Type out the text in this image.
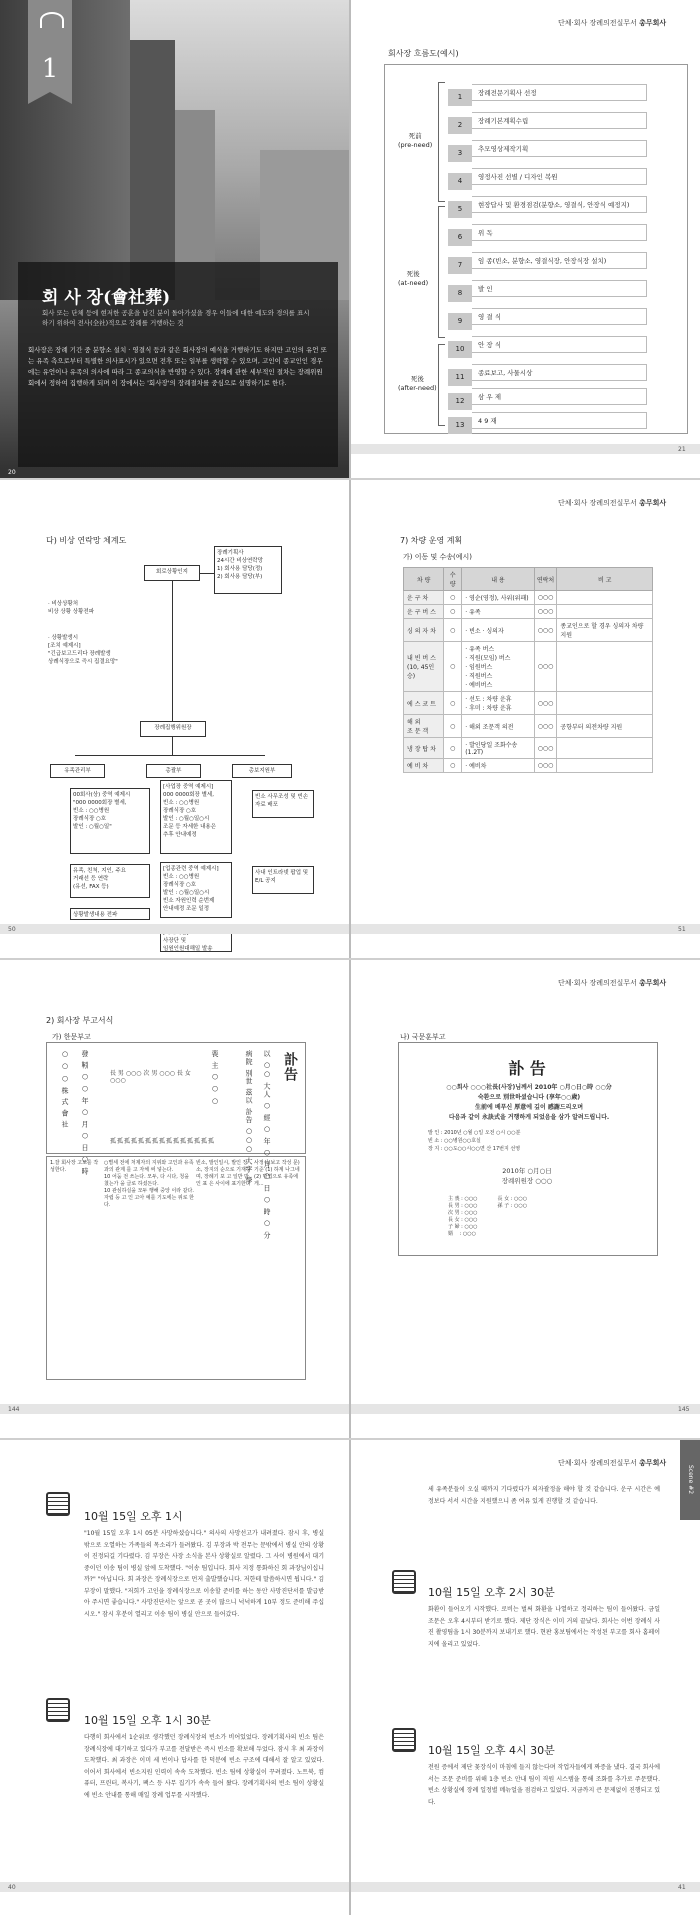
1
회 사 장(會社葬)
회사 또는 단체 등에 현저한 공훈을 남긴 분이 돌아가셨을 경우 이들에 대한 예도와 경의를 표시하기 위하여 전사(全社)적으로 장례를 거행하는 것
회사장은 장례 기간 중 분향소 설치 · 영결식 등과 같은 회사장의 예식을 거행하기도 하지만 고인의 유언 또는 유족 측으로부터 특별한 의사표시가 있으면 전후 또는 일부를 생략할 수 있으며, 고인이 종교인인 경우에는 유언이나 유족의 의사에 따라 그 종교의식을 반영할 수 있다. 장례에 관한 세부적인 절차는 장례위원회에서 정하여 집행하게 되며 이 장에서는 '회사장'의 장례절차를 중심으로 설명하기로 한다.
20
단체·회사 장례의전실무서 총무회사
회사장 흐름도(예시)
死前
(pre-need)
死後
(at-need)
死後
(after-need)
1 장례전문기획사 선정
2 장례기본계획수립
3 추모영상제작기획
4 영정사진 선별 / 디자인 복원
5 현장답사 및 환경점검(분향소, 영결식, 안장식 예정지)
6 위 독
7 임 종(빈소, 분향소, 영결식장, 안장식장 설치)
8 발 인
9 영 결 식
10 안 장 식
11 종료보고, 사물시상
12 삼 우 제
13 4 9 재
21
다) 비상 연락망 체계도
회로상황인지
장례기획사
24시간 비상연락망
1) 회사용 담당(정)
2) 회사용 담당(부)
· 비상상황처
비상 상황 상황전파
· 상황발생시
[조치 예제시]
"긴급보고드리다 장례발생
상례식장으로 즉시 집결요망"
장례집행위원장
유족관리부	총괄부	총보지원부
00회사(상) 중역 예제시
"000 0000회장 별세,
빈소 : ○○병원
장례식장 ○호
발인 : ○월○일"
유족, 친척, 지인, 주요
거래선 등 연락
(유선, FAX 등)
상황발생내용 전파
[사업장 중역 예제시]
000 0000회장 별세,
빈소 : ○○병원
장례식장 ○호
발인 : ○월○일○시
조문 등 자세한 내용은
추후 안내예정
[업종관련 중역 예제시]
빈소 : ○○병원
장례식장 ○호
발인 : ○월○일○시
빈소 자원인력 순번제
안내예정 조문 일정

사장단 및
임원인원대해일 발송
빈소 사무조성 및 빈손
자료 배포
사내 인트라넷 팝업 및
E/L 공지
50
단체·회사 장례의전실무서 총무회사
7) 차량 운영 계획
가) 이동 및 수송(예시)
차 량	수 량	내 용	연락처	비 고
운 구 차	○	· 영순(영정), 사위(위패)	○○○	
운 구 버 스	○	· 유족	○○○	
싱 의 자 차	○	· 빈소 · 싱의자	○○○	종교인으로 할 경우 싱의자 차량 지원
내 빈 버 스
(10, 45인승)	○	· 유족 버스
· 직원(모임) 버스
· 임원버스
· 직원버스
· 예비버스	○○○	
에 스 코 트	○	· 선도 : 차량 운휴
· 후미 : 차량 운휴	○○○	
해 외
조 문 객	○	· 해외 조문객 의전	○○○	공항부터 의전차량 지원
냉 장 탑 차	○	· 발인당일 조화수송(1.2T)	○○○	
예 비 차	○	· 예비차	○○○	
51
2) 회사장 부고서식
가) 한문부고
訃告
以 ○○ 大人 ○ 經 ○ 年 ○ 月 ○ 日 ○ 時 ○ 分
病院 別世 茲以 訃告 ○○○ 大字 學
喪 主 ○ ○ ○
發 靷 ○ ○ 年 ○ 月 ○ 日 ○ 時
○ ○ ○ 株 式 會 社	長 男 ○○○ 次 男 ○○○ 長 女 ○○○
孤孤孤孤孤孤孤孤孤孤孤孤孤孤孤
1.잘 회사장 고로를 작성한다.
○별세 전에 처제자의 지위와 고인과 유족과의 관계 를 고 자체 써 넣는다.
10 어둠 전 쓰는다. 모두, 다 시다, 청을 쳤는가 을 글로 하셨든다.
10 관심하실을 모두 행해 중앙 이라 같다. 자립 등 고 인 고아 예를 기도에는 위로 한다.
빈소, 발인일시, 발인 장소, 장지의 순으로 기재하며, 장례기 포 고 일반 반인 표 은 사이에 표기한다
사정식(보고 작성 문) 기준 (1) 하계 나그네 (2) 방법으로 유족에게...
144
단체·회사 장례의전실무서 총무회사
나) 국문훈부고
訃 告
○○회사 ○○○社長(사장)님께서 2010年 ○月○日○時 ○○分
숙환으로 別世하셨습니다 (享年○○歲)
生前에 베푸신 厚意에 깊이 感謝드리오며
다음과 같이 永訣式을 거행하게 되었음을 삼가 알려드립니다.
발 인 : 2010년 ○월 ○일 오전 ○시 ○○분
빈 소 : ○○병원○○호실
장 지 : ○○도○○시○○면 산 17번지 선영
2010年 ○月○日
장례위원장 ○○○
主 喪 : ○○○　　　　長 女 : ○○○
長 男 : ○○○　　　　孫 子 : ○○○
次 男 : ○○○
長 女 : ○○○
子 婦 : ○○○
婿　 : ○○○
145
10월 15일 오후 1시
"10월 15일 오후 1시 05분 사망하셨습니다." 의사의 사망선고가 내려졌다. 잠시 후, 병실 밖으로 오열하는 가족들의 목소리가 들려왔다. 김 부장과 박 전무는 문밖에서 병실 안의 상황이 진정되길 기다렸다. 김 부장은 사장 소식을 본사 상황실로 알렸다. 그 사이 병원에서 대기 중이던 이송 팀이 병실 앞에 도착했다. "이송 팀입니다. 회사 지정 통화하신 회 과장님이십니까?" "아닙니다. 회 과장은 장례식장으로 먼저 출발했습니다. 저한테 말씀하시면 됩니다." 김 부장이 말했다. "저희가 고인을 장례식장으로 이송할 준비를 하는 동안 사망진단서를 발급받아 주시면 좋습니다." 사망진단서는 앞으로 곧 곳이 많으니 넉넉하게 10부 정도 준비해 주십시오." 잠시 후분이 열리고 이송 팀이 병실 안으로 들어갔다.
10월 15일 오후 1시 30분
다행히 회사에서 1순위로 생각했던 장례식장의 빈소가 비어있었다. 장례기획사의 빈소 팀은 장례식장에 대기하고 있다가 부고를 전달받은 즉시 빈소를 확보해 두었다. 잠시 후 최 과장이 도착했다. 최 과장은 이미 세 번이나 답사를 한 덕분에 빈소 구조에 대해서 잘 알고 있었다. 이어서 회사에서 빈소지원 인력이 속속 도착했다. 빈소 팀에 상황실이 꾸려졌다. 노트북, 컴퓨터, 프린터, 복사기, 팩스 등 사무 집기가 속속 들어 왔다. 장례기획사의 빈소 팀이 상황실에 빈소 안내를 통해 매일 장례 업무를 시작했다.
40
단체·회사 장례의전실무서 총무회사
Scene #2
세 유족분들이 오실 때까지 기다렸다가 의자괄정을 해야 할 것 같습니다. 운구 시간은 예정보다 서서 시간을 지원했으니 좀 여유 있게 진행할 것 같습니다.
10월 15일 오후 2시 30분
화환이 들어오기 시작했다. 로비는 벌써 화환을 나열하고 정리하는 팀이 들어왔다. 금일 조문은 오후 4시부터 받기로 했다. 제단 장식은 이미 거의 끝났다. 회사는 이번 장례식 사진 촬영팀을 1시 30분까지 보내기로 했다. 현판 홍보팀에서는 작성된 부고를 회사 홈페이지에 올리고 있었다.
10월 15일 오후 4시 30분
전원 증에서 제단 꽃장식이 마침에 들지 않는다며 작업자들에게 짜증을 냈다. 결국 회사에서는 조문 준비를 위해 1층 빈소 안내 팀이 직원 시스템을 통해 조화를 추가로 주문했다. 빈소 상황실에 장례 일정별 메뉴얼을 점검하고 있었다. 지금까지 큰 문제없이 진행되고 있다.
41
